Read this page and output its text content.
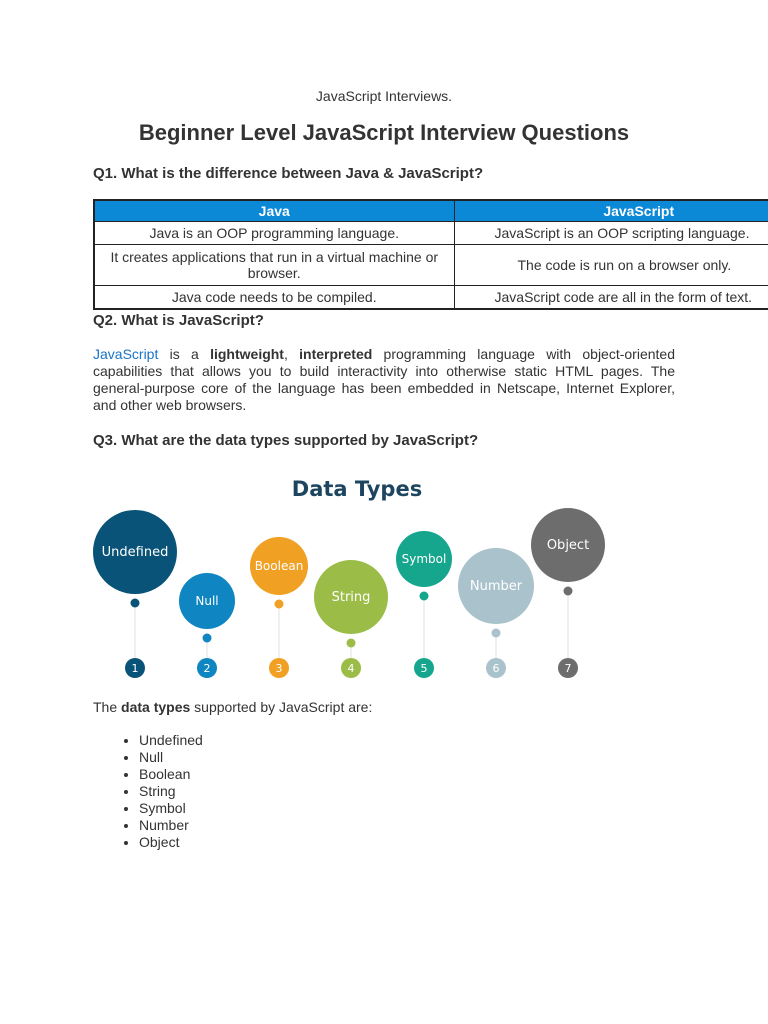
JavaScript Interviews.
Beginner Level JavaScript Interview Questions
Q1. What is the difference between Java & JavaScript?
Java	JavaScript
Java is an OOP programming language.	JavaScript is an OOP scripting language.
It creates applications that run in a virtual machine or browser.	The code is run on a browser only.
Java code needs to be compiled.	JavaScript code are all in the form of text.
Q2. What is JavaScript?

JavaScript is a lightweight, interpreted programming language with object-oriented capabilities that allows you to build interactivity into otherwise static HTML pages. The general-purpose core of the language has been embedded in Netscape, Internet Explorer, and other web browsers.

Q3. What are the data types supported by JavaScript?
Data Types
Undefined
1
Null
2
Boolean
3
String
4
Symbol
5
Number
6
Object
7

The data types supported by JavaScript are:

• Undefined
• Null
• Boolean
• String
• Symbol
• Number
• Object
